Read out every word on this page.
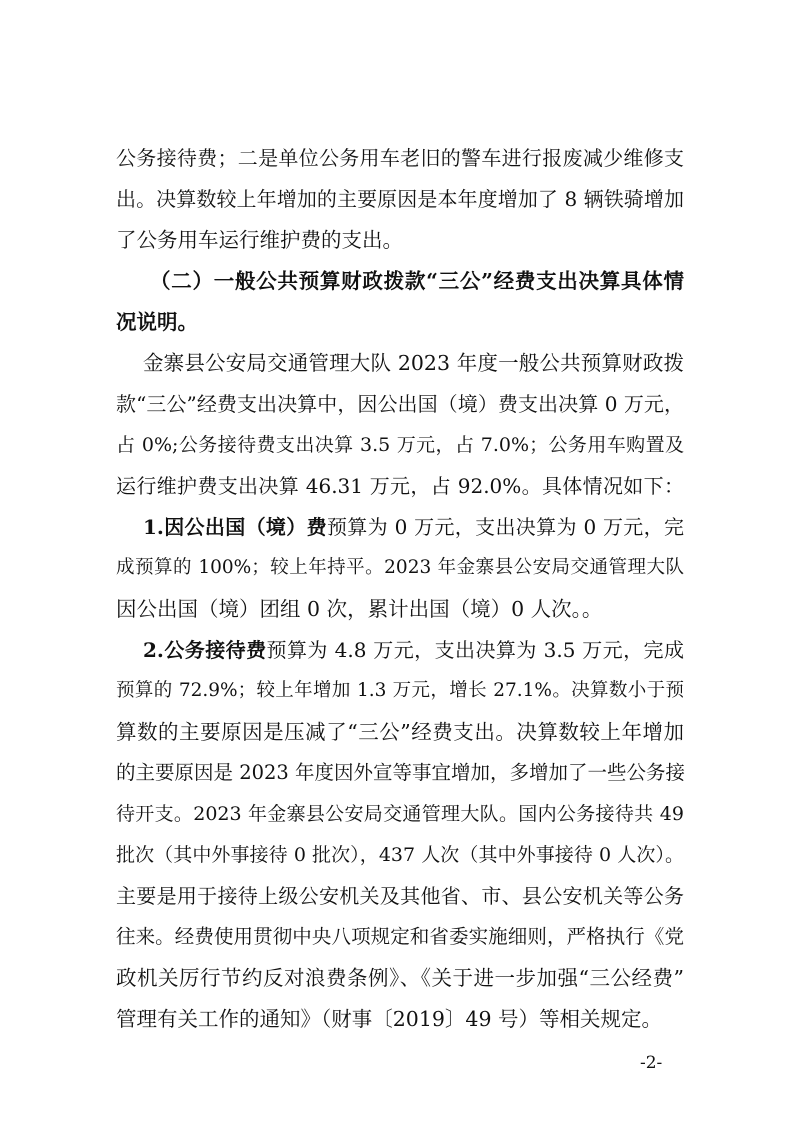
公务接待费；二是单位公务用车老旧的警车进行报废减少维修支
出。决算数较上年增加的主要原因是本年度增加了 8 辆铁骑增加
了公务用车运行维护费的支出。
（二）一般公共预算财政拨款“三公”经费支出决算具体情
况说明。
金寨县公安局交通管理大队 2023 年度一般公共预算财政拨
款“三公”经费支出决算中，因公出国（境）费支出决算 0 万元，
占 0%;公务接待费支出决算 3.5 万元，占 7.0%；公务用车购置及
运行维护费支出决算 46.31 万元，占 92.0%。具体情况如下：
1.因公出国（境）费预算为 0 万元，支出决算为 0 万元，完
成预算的 100%；较上年持平。2023 年金寨县公安局交通管理大队
因公出国（境）团组 0 次，累计出国（境）0 人次。。
2.公务接待费预算为 4.8 万元，支出决算为 3.5 万元，完成
预算的 72.9%；较上年增加 1.3 万元，增长 27.1%。决算数小于预
算数的主要原因是压减了“三公”经费支出。决算数较上年增加
的主要原因是 2023 年度因外宣等事宜增加，多增加了一些公务接
待开支。2023 年金寨县公安局交通管理大队。国内公务接待共 49
批次（其中外事接待 0 批次），437 人次（其中外事接待 0 人次）。
主要是用于接待上级公安机关及其他省、市、县公安机关等公务
往来。经费使用贯彻中央八项规定和省委实施细则，严格执行《党
政机关厉行节约反对浪费条例》、《关于进一步加强“三公经费”
管理有关工作的通知》（财事〔2019〕49 号）等相关规定。
-2-
